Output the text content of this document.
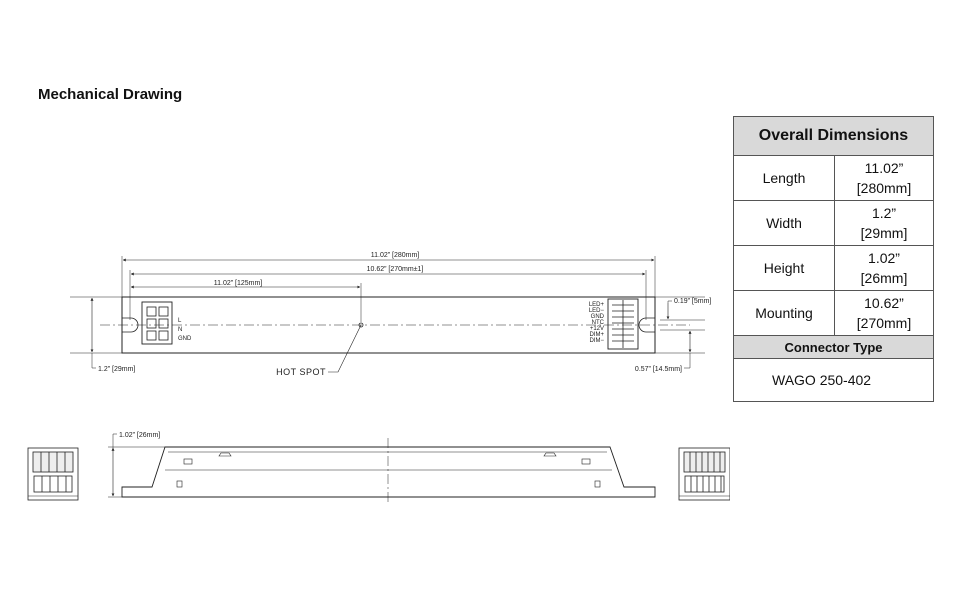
Mechanical Drawing
11.02” [280mm]
10.62” [270mm±1]
11.02” [125mm]
1.2” [29mm]
0.19” [5mm]
0.57” [14.5mm]
HOT SPOT
L
N
GND
LED+
LED−
GND
NTC
+12V
DIM+
DIM−
1.02” [26mm]
Overall Dimensions	
Length	11.02”
[280mm]
Width	1.2”
[29mm]
Height	1.02”
[26mm]
Mounting	10.62”
[270mm]
Connector Type	
WAGO 250-402	
